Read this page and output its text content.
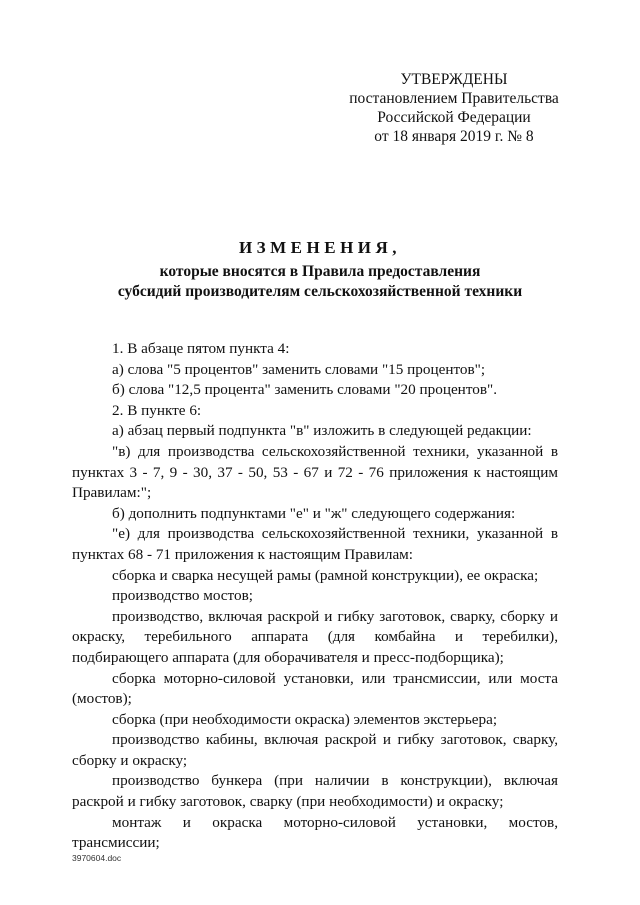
УТВЕРЖДЕНЫ
постановлением Правительства
Российской Федерации
от 18 января 2019 г. № 8
ИЗМЕНЕНИЯ,
которые вносятся в Правила предоставления
субсидий производителям сельскохозяйственной техники

1. В абзаце пятом пункта 4:

а) слова "5 процентов" заменить словами "15 процентов";

б) слова "12,5 процента" заменить словами "20 процентов".

2. В пункте 6:

а) абзац первый подпункта "в" изложить в следующей редакции:

"в) для производства сельскохозяйственной техники, указанной в пунктах 3 - 7, 9 - 30, 37 - 50, 53 - 67 и 72 - 76 приложения к настоящим Правилам:";

б) дополнить подпунктами "е" и "ж" следующего содержания:

"е) для производства сельскохозяйственной техники, указанной в пунктах 68 - 71 приложения к настоящим Правилам:

сборка и сварка несущей рамы (рамной конструкции), ее окраска;

производство мостов;

производство, включая раскрой и гибку заготовок, сварку, сборку и окраску, теребильного аппарата (для комбайна и теребилки), подбирающего аппарата (для оборачивателя и пресс-подборщика);

сборка моторно-силовой установки, или трансмиссии, или моста (мостов);

сборка (при необходимости окраска) элементов экстерьера;

производство кабины, включая раскрой и гибку заготовок, сварку, сборку и окраску;

производство бункера (при наличии в конструкции), включая раскрой и гибку заготовок, сварку (при необходимости) и окраску;

монтаж и окраска моторно-силовой установки, мостов, трансмиссии;

3970604.doc
